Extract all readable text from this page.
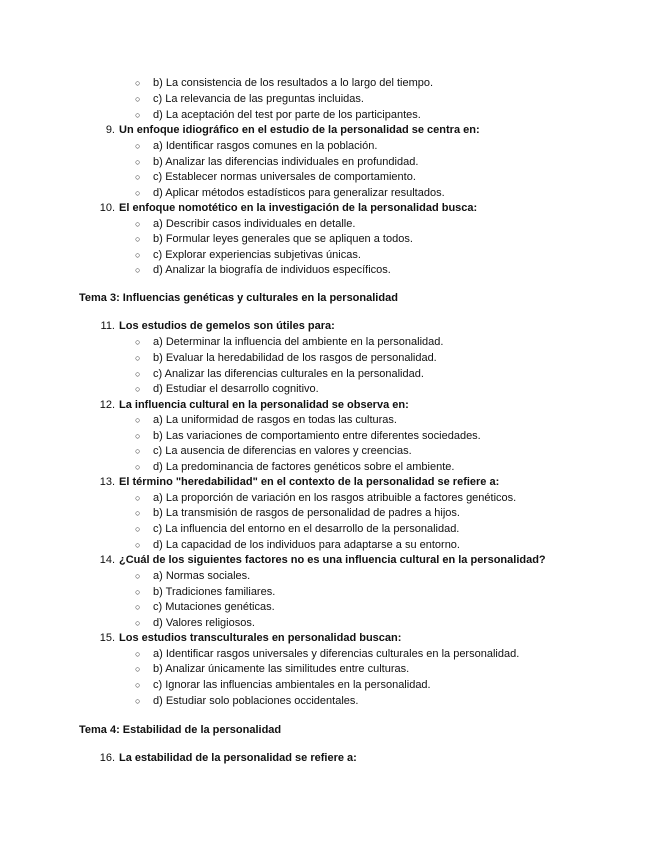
○ b) La consistencia de los resultados a lo largo del tiempo.
○ c) La relevancia de las preguntas incluidas.
○ d) La aceptación del test por parte de los participantes.
9. Un enfoque idiográfico en el estudio de la personalidad se centra en:
○ a) Identificar rasgos comunes en la población.
○ b) Analizar las diferencias individuales en profundidad.
○ c) Establecer normas universales de comportamiento.
○ d) Aplicar métodos estadísticos para generalizar resultados.
10. El enfoque nomotético en la investigación de la personalidad busca:
○ a) Describir casos individuales en detalle.
○ b) Formular leyes generales que se apliquen a todos.
○ c) Explorar experiencias subjetivas únicas.
○ d) Analizar la biografía de individuos específicos.
Tema 3: Influencias genéticas y culturales en la personalidad
11. Los estudios de gemelos son útiles para:
○ a) Determinar la influencia del ambiente en la personalidad.
○ b) Evaluar la heredabilidad de los rasgos de personalidad.
○ c) Analizar las diferencias culturales en la personalidad.
○ d) Estudiar el desarrollo cognitivo.
12. La influencia cultural en la personalidad se observa en:
○ a) La uniformidad de rasgos en todas las culturas.
○ b) Las variaciones de comportamiento entre diferentes sociedades.
○ c) La ausencia de diferencias en valores y creencias.
○ d) La predominancia de factores genéticos sobre el ambiente.
13. El término "heredabilidad" en el contexto de la personalidad se refiere a:
○ a) La proporción de variación en los rasgos atribuible a factores genéticos.
○ b) La transmisión de rasgos de personalidad de padres a hijos.
○ c) La influencia del entorno en el desarrollo de la personalidad.
○ d) La capacidad de los individuos para adaptarse a su entorno.
14. ¿Cuál de los siguientes factores no es una influencia cultural en la personalidad?
○ a) Normas sociales.
○ b) Tradiciones familiares.
○ c) Mutaciones genéticas.
○ d) Valores religiosos.
15. Los estudios transculturales en personalidad buscan:
○ a) Identificar rasgos universales y diferencias culturales en la personalidad.
○ b) Analizar únicamente las similitudes entre culturas.
○ c) Ignorar las influencias ambientales en la personalidad.
○ d) Estudiar solo poblaciones occidentales.
Tema 4: Estabilidad de la personalidad
16. La estabilidad de la personalidad se refiere a:
